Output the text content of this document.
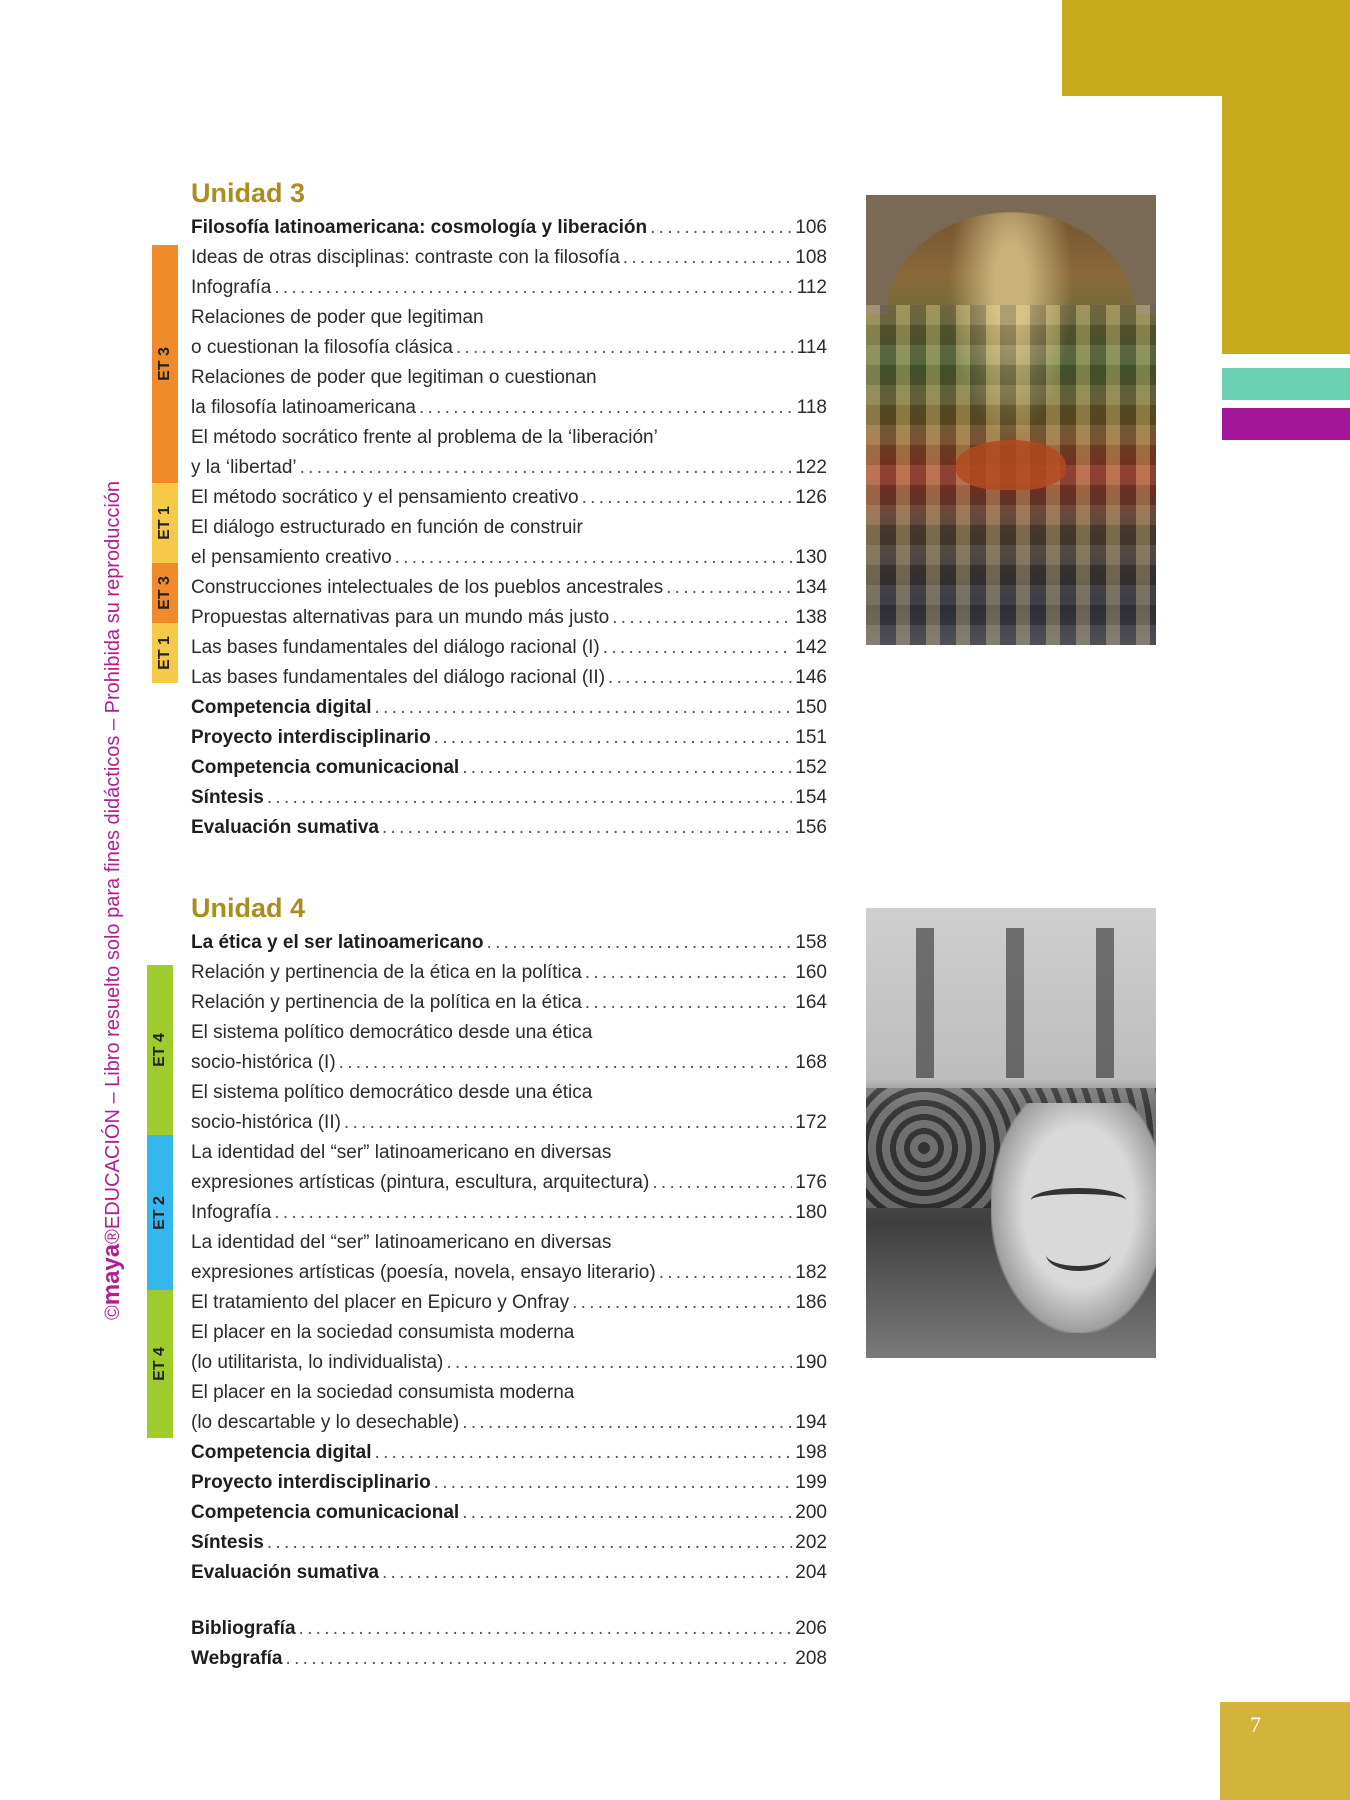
©maya®EDUCACIÓN – Libro resuelto solo para fines didácticos – Prohibida su reproducción
ET 3
ET 1
ET 3
ET 1
ET 4
ET 2
ET 4
Unidad 3
Unidad 4
Filosofía latinoamericana: cosmología y liberación . . .	106
Ideas de otras disciplinas: contraste con la filosofía . . .	108
Infografía . . .	112
Relaciones de poder que legitiman
o cuestionan la filosofía clásica . . .	114
Relaciones de poder que legitiman o cuestionan
la filosofía latinoamericana . . .	118
El método socrático frente al problema de la ‘liberación’
y la ‘libertad’ . . .	122
El método socrático y el pensamiento creativo . . .	126
El diálogo estructurado en función de construir
el pensamiento creativo . . .	130
Construcciones intelectuales de los pueblos ancestrales . . .	134
Propuestas alternativas para un mundo más justo . . .	138
Las bases fundamentales del diálogo racional (I) . . .	142
Las bases fundamentales del diálogo racional (II) . . .	146
Competencia digital . . .	150
Proyecto interdisciplinario . . .	151
Competencia comunicacional . . .	152
Síntesis . . .	154
Evaluación sumativa . . .	156
La ética y el ser latinoamericano . . .	158
Relación y pertinencia de la ética en la política . . .	160
Relación y pertinencia de la política en la ética . . .	164
El sistema político democrático desde una ética
socio-histórica (I) . . .	168
El sistema político democrático desde una ética
socio-histórica (II) . . .	172
La identidad del “ser” latinoamericano en diversas
expresiones artísticas (pintura, escultura, arquitectura) . . .	176
Infografía . . .	180
La identidad del “ser” latinoamericano en diversas
expresiones artísticas (poesía, novela, ensayo literario) . . .	182
El tratamiento del placer en Epicuro y Onfray . . .	186
El placer en la sociedad consumista moderna
(lo utilitarista, lo individualista) . . .	190
El placer en la sociedad consumista moderna
(lo descartable y lo desechable) . . .	194
Competencia digital . . .	198
Proyecto interdisciplinario . . .	199
Competencia comunicacional . . .	200
Síntesis . . .	202
Evaluación sumativa . . .	204
Bibliografía . . .	206
Webgrafía . . .	208
7
